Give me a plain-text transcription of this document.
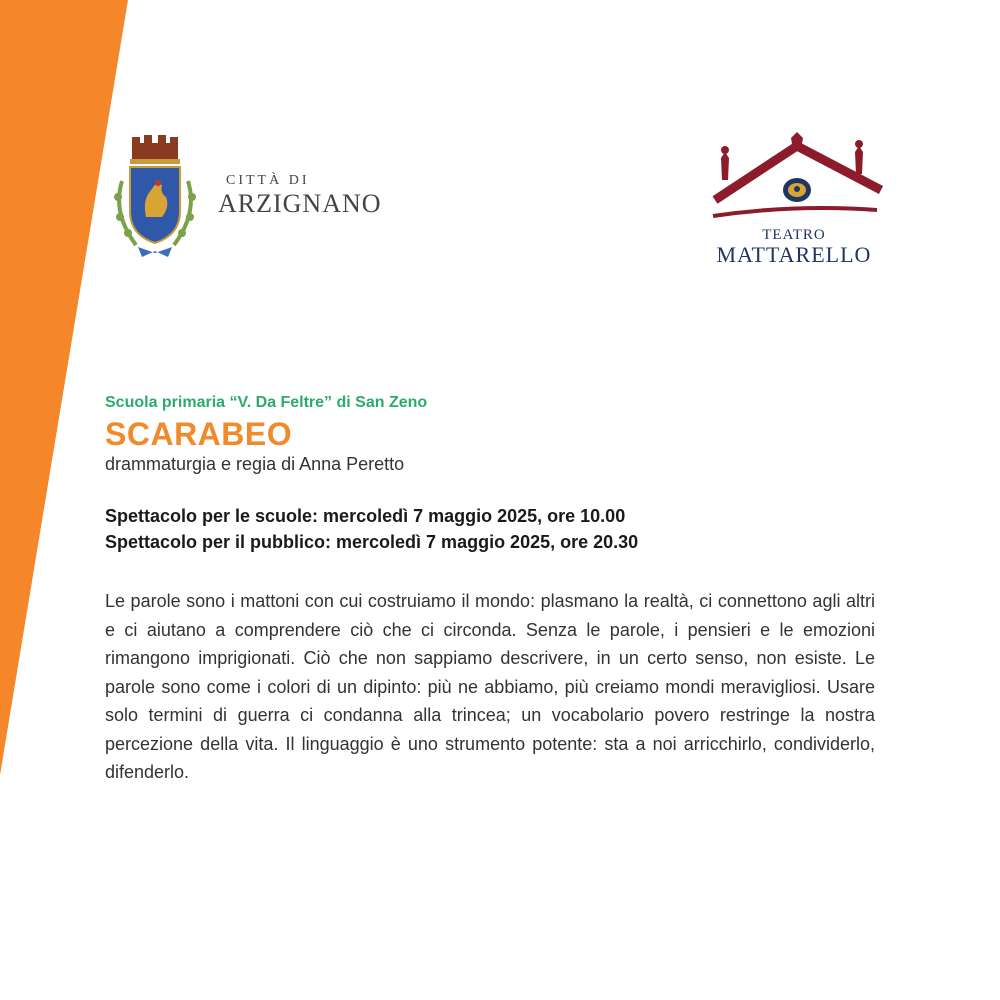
CITTÀ DI
ARZIGNANO
TEATRO
MATTARELLO
Scuola primaria “V. Da Feltre” di San Zeno
SCARABEO
drammaturgia e regia di Anna Peretto
Spettacolo per le scuole: mercoledì 7 maggio 2025, ore 10.00
Spettacolo per il pubblico: mercoledì 7 maggio 2025, ore 20.30
Le parole sono i mattoni con cui costruiamo il mondo: plasmano la realtà, ci connettono agli altri e ci aiutano a comprendere ciò che ci circonda. Senza le parole, i pensieri e le emozioni rimangono imprigionati. Ciò che non sappiamo descrivere, in un certo senso, non esiste. Le parole sono come i colori di un dipinto: più ne abbiamo, più creiamo mondi meravigliosi. Usare solo termini di guerra ci condanna alla trincea; un vocabolario povero restringe la nostra percezione della vita. Il linguaggio è uno strumento potente: sta a noi arricchirlo, condividerlo, difenderlo.
